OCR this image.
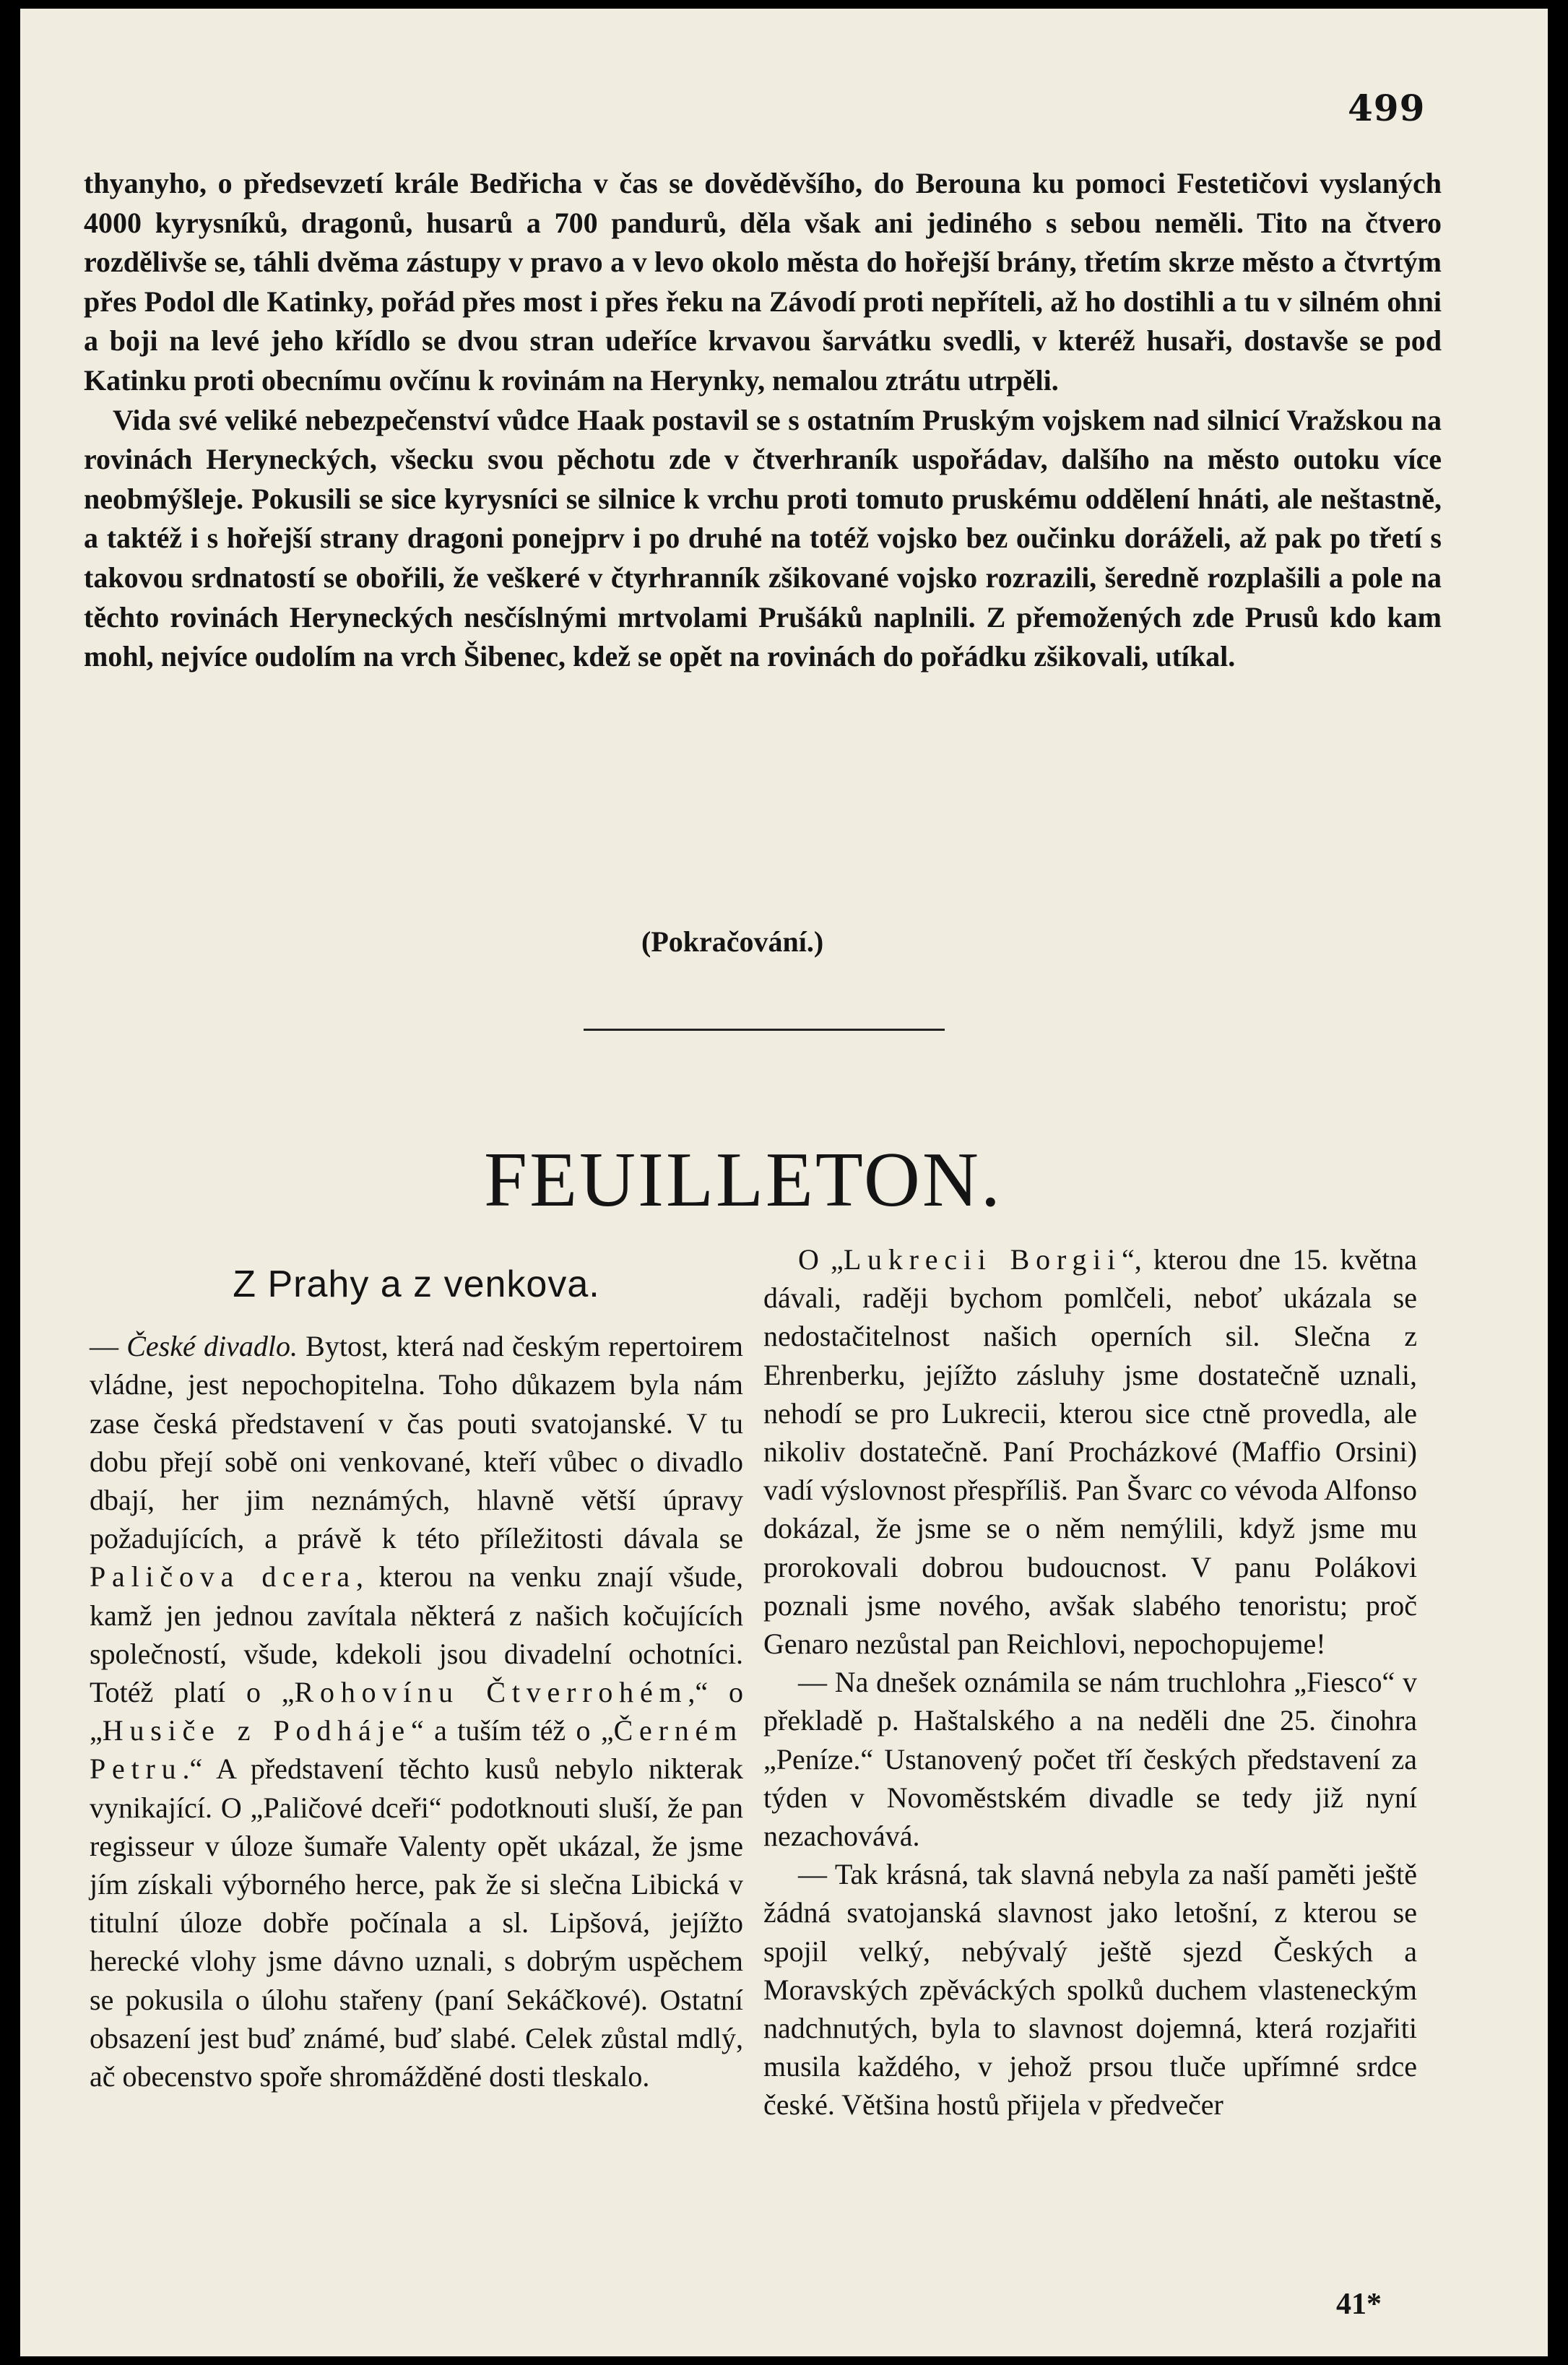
499

thyanyho, o předsevzetí krále Bedřicha v čas se dověděvšího, do Berouna ku pomoci Festetičovi vyslaných 4000 kyrysníků, dragonů, husarů a 700 pandurů, děla však ani jediného s sebou neměli. Tito na čtvero rozdělivše se, táhli dvěma zástupy v pravo a v levo okolo města do hořejší brány, třetím skrze město a čtvrtým přes Podol dle Katinky, pořád přes most i přes řeku na Závodí proti nepříteli, až ho dostihli a tu v silném ohni a boji na levé jeho křídlo se dvou stran udeříce krvavou šarvátku svedli, v kteréž husaři, dostavše se pod Katinku proti obecnímu ovčínu k rovinám na Herynky, nemalou ztrátu utrpěli.

Vida své veliké nebezpečenství vůdce Haak postavil se s ostatním Pruským vojskem nad silnicí Vražskou na rovinách Heryneckých, všecku svou pěchotu zde v čtverhraník uspořádav, dalšího na město outoku více neobmýšleje. Pokusili se sice kyrysníci se silnice k vrchu proti tomuto pruskému oddělení hnáti, ale neštastně, a taktéž i s hořejší strany dragoni ponejprv i po druhé na totéž vojsko bez oučinku doráželi, až pak po třetí s takovou srdnatostí se obořili, že veškeré v čtyrhranník zšikované vojsko rozrazili, šeredně rozplašili a pole na těchto rovinách Heryneckých nesčíslnými mrtvolami Prušáků naplnili. Z přemožených zde Prusů kdo kam mohl, nejvíce oudolím na vrch Šibenec, kdež se opět na rovinách do pořádku zšikovali, utíkal.

(Pokračování.)
FEUILLETON.

Z Prahy a z venkova.

— České divadlo. Bytost, která nad českým repertoirem vládne, jest nepochopitelna. Toho důkazem byla nám zase česká představení v čas pouti svatojanské. V tu dobu přejí sobě oni venkované, kteří vůbec o divadlo dbají, her jim neznámých, hlavně větší úpravy požadujících, a právě k této příležitosti dávala se Paličova dcera, kterou na venku znají všude, kamž jen jednou zavítala některá z našich kočujících společností, všude, kdekoli jsou divadelní ochotníci. Totéž platí o „Rohovínu Čtverrohém,“ o „Husiče z Podháje“ a tuším též o „Černém Petru.“ A představení těchto kusů nebylo nikterak vynikající. O „Paličové dceři“ podotknouti sluší, že pan regisseur v úloze šumaře Valenty opět ukázal, že jsme jím získali výborného herce, pak že si slečna Libická v titulní úloze dobře počínala a sl. Lipšová, jejížto herecké vlohy jsme dávno uznali, s dobrým uspěchem se pokusila o úlohu stařeny (paní Sekáčkové). Ostatní obsazení jest buď známé, buď slabé. Celek zůstal mdlý, ač obecenstvo spoře shromážděné dosti tleskalo.

O „Lukrecii Borgii“, kterou dne 15. května dávali, raději bychom pomlčeli, neboť ukázala se nedostačitelnost našich operních sil. Slečna z Ehrenberku, jejížto zásluhy jsme dostatečně uznali, nehodí se pro Lukrecii, kterou sice ctně provedla, ale nikoliv dostatečně. Paní Procházkové (Maffio Orsini) vadí výslovnost přespříliš. Pan Švarc co vévoda Alfonso dokázal, že jsme se o něm nemýlili, když jsme mu prorokovali dobrou budoucnost. V panu Polákovi poznali jsme nového, avšak slabého tenoristu; proč Genaro nezůstal pan Reichlovi, nepochopujeme!

— Na dnešek oznámila se nám truchlohra „Fiesco“ v překladě p. Haštalského a na neděli dne 25. činohra „Peníze.“ Ustanovený počet tří českých představení za týden v Novoměstském divadle se tedy již nyní nezachovává.

— Tak krásná, tak slavná nebyla za naší paměti ještě žádná svatojanská slavnost jako letošní, z kterou se spojil velký, nebývalý ještě sjezd Českých a Moravských zpěváckých spolků duchem vlasteneckým nadchnutých, byla to slavnost dojemná, která rozjařiti musila každého, v jehož prsou tluče upřímné srdce české. Většina hostů přijela v předvečer

41*
